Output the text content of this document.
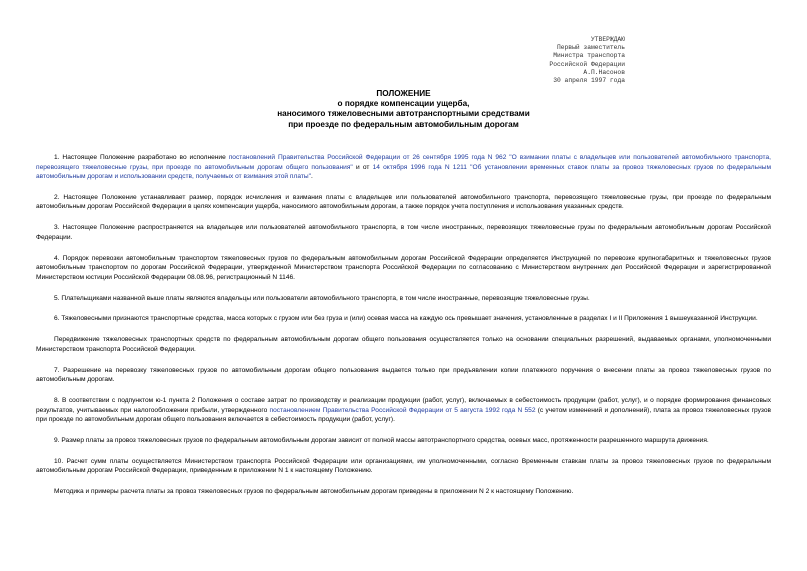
УТВЕРЖДАЮ
Первый заместитель
Министра транспорта
Российской Федерации
А.П.Насонов
30 апреля 1997 года
ПОЛОЖЕНИЕ
о порядке компенсации ущерба,
наносимого тяжеловесными автотранспортными средствами
при проезде по федеральным автомобильным дорогам

1. Настоящее Положение разработано во исполнение постановлений Правительства Российской Федерации от 26 сентября 1995 года N 962 "О взимании платы с владельцев или пользователей автомобильного транспорта, перевозящего тяжеловесные грузы, при проезде по автомобильным дорогам общего пользования" и от 14 октября 1996 года N 1211 "Об установлении временных ставок платы за провоз тяжеловесных грузов по федеральным автомобильным дорогам и использовании средств, получаемых от взимания этой платы".

2. Настоящее Положение устанавливает размер, порядок исчисления и взимания платы с владельцев или пользователей автомобильного транспорта, перевозящего тяжеловесные грузы, при проезде по федеральным автомобильным дорогам Российской Федерации в целях компенсации ущерба, наносимого автомобильным дорогам, а также порядок учета поступления и использования указанных средств.

3. Настоящее Положение распространяется на владельцев или пользователей автомобильного транспорта, в том числе иностранных, перевозящих тяжеловесные грузы по федеральным автомобильным дорогам Российской Федерации.

4. Порядок перевозки автомобильным транспортом тяжеловесных грузов по федеральным автомобильным дорогам Российской Федерации определяется Инструкцией по перевозке крупногабаритных и тяжеловесных грузов автомобильным транспортом по дорогам Российской Федерации, утвержденной Министерством транспорта Российской Федерации по согласованию с Министерством внутренних дел Российской Федерации и зарегистрированной Министерством юстиции Российской Федерации 08.08.96, регистрационный N 1146.

5. Плательщиками названной выше платы являются владельцы или пользователи автомобильного транспорта, в том числе иностранные, перевозящие тяжеловесные грузы.

6. Тяжеловесными признаются транспортные средства, масса которых с грузом или без груза и (или) осевая масса на каждую ось превышает значения, установленные в разделах I и II Приложения 1 вышеуказанной Инструкции.

Передвижение тяжеловесных транспортных средств по федеральным автомобильным дорогам общего пользования осуществляется только на основании специальных разрешений, выдаваемых органами, уполномоченными Министерством транспорта Российской Федерации.

7. Разрешение на перевозку тяжеловесных грузов по автомобильным дорогам общего пользования выдается только при предъявлении копии платежного поручения о внесении платы за провоз тяжеловесных грузов по автомобильным дорогам.

8. В соответствии с подпунктом ю-1 пункта 2 Положения о составе затрат по производству и реализации продукции (работ, услуг), включаемых в себестоимость продукции (работ, услуг), и о порядке формирования финансовых результатов, учитываемых при налогообложении прибыли, утвержденного постановлением Правительства Российской Федерации от 5 августа 1992 года N 552 (с учетом изменений и дополнений), плата за провоз тяжеловесных грузов при проезде по автомобильным дорогам общего пользования включается в себестоимость продукции (работ, услуг).

9. Размер платы за провоз тяжеловесных грузов по федеральным автомобильным дорогам зависит от полной массы автотранспортного средства, осевых масс, протяженности разрешенного маршрута движения.

10. Расчет сумм платы осуществляется Министерством транспорта Российской Федерации или организациями, им уполномоченными, согласно Временным ставкам платы за провоз тяжеловесных грузов по федеральным автомобильным дорогам Российской Федерации, приведенным в приложении N 1 к настоящему Положению.

Методика и примеры расчета платы за провоз тяжеловесных грузов по федеральным автомобильным дорогам приведены в приложении N 2 к настоящему Положению.
